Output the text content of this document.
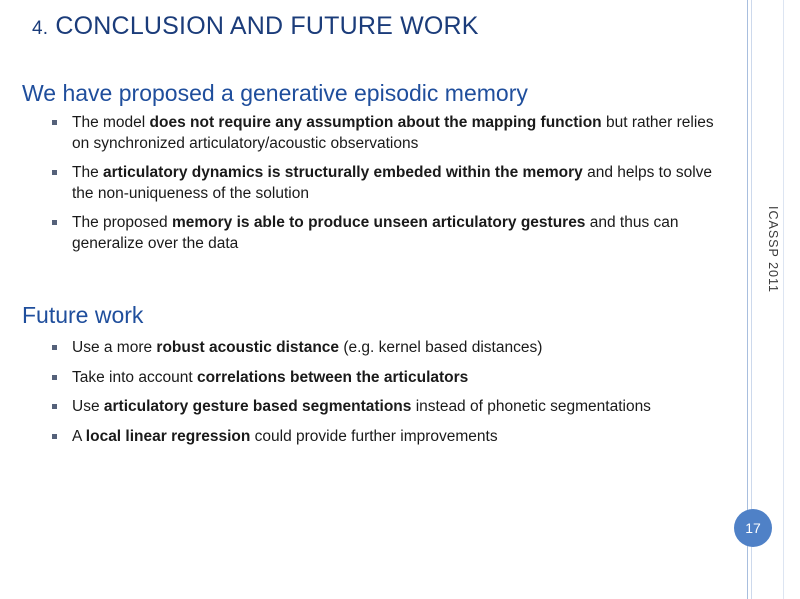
4. CONCLUSION AND FUTURE WORK
We have proposed a generative episodic memory
The model does not require any assumption about the mapping function but rather relies on synchronized articulatory/acoustic observations
The articulatory dynamics is structurally embeded within the memory and helps to solve the non-uniqueness of the solution
The proposed memory is able to produce unseen articulatory gestures and thus can generalize over the data
Future work
Use a more robust acoustic distance (e.g. kernel based distances)
Take into account correlations between the articulators
Use articulatory gesture based segmentations instead of phonetic segmentations
A local linear regression could provide further improvements
ICASSP 2011
17
